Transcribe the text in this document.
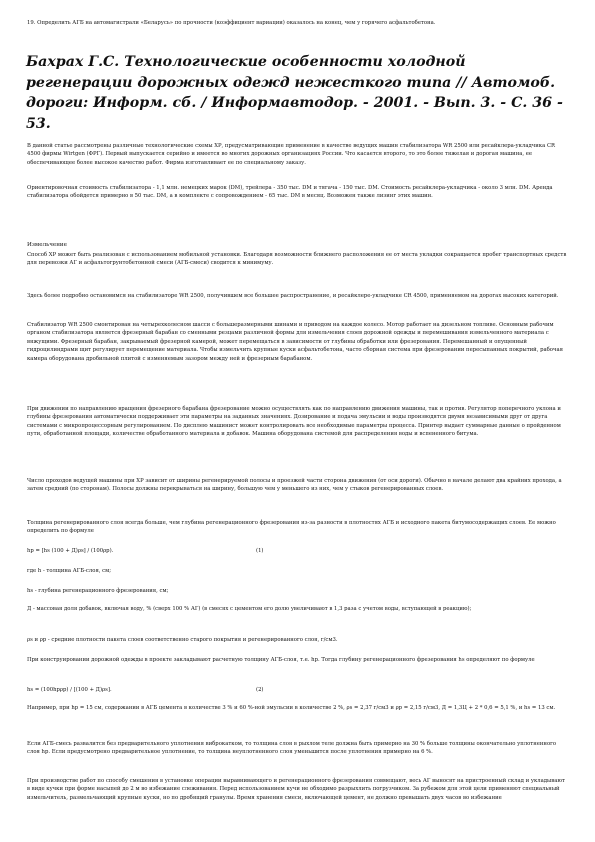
19. Определить АГБ на автомагистрали «Беларусь» по прочности (коэффициент вариации) оказалось на конец, чем у горячего асфальтобетона.

Бахрах Г.С. Технологические особенности холодной регенерации дорожных одежд нежесткого типа // Автомоб. дороги: Информ. сб. / Информавтодор. - 2001. - Вып. 3. - С. 36 - 53.

В данной статье рассмотрены различные технологические схемы ХР, предусматривающие применение в качестве ведущих машин стабилизатора WR 2500 или ресайклера-укладчика CR 4500 фирмы Wirtgen (ФРГ). Первый выпускается серийно и имеется во многих дорожных организациях России. Что касается второго, то это более тяжелая и дорогая машина, ее обеспечивающее более высокое качество работ. Фирма изготавливает ее по специальному заказу.

Ориентировочная стоимость стабилизатора - 1,1 млн. немецких марок (DM), трейлера - 350 тыс. DM и тягача - 150 тыс. DM. Стоимость ресайклера-укладчика - около 3 млн. DM. Аренда стабилизатора обойдется примерно в 50 тыс. DM, а в комплекте с сопровождением - 65 тыс. DM в месяц. Возможен также лизинг этих машин.

Измельчение

Способ ХР может быть реализован с использованием мобильной установки. Благодаря возможности ближнего расположения ее от места укладки сокращается пробег транспортных средств для перевозки АГ и асфальтогрунтобетонной смеси (АГБ-смеси) сводится к минимуму.

Здесь более подробно остановимся на стабилизаторе WR 2500, получившем все большее распространение, и ресайклере-укладчике CR 4500, применяемом на дорогах высоких категорий.

Стабилизатор WR 2500 смонтирован на четырехколесном шасси с большеразмерными шинами и приводом на каждое колесо. Мотор работает на дизельном топливе. Основным рабочим органом стабилизатора является фрезерный барабан со сменными резцами различной формы для измельчения слоев дорожной одежды и перемешивания измельченного материала с вяжущими. Фрезерный барабан, закрываемый фрезерной камерой, может перемещаться в зависимости от глубины обработки или фрезерования. Перемешанный и опущенный гидроцилиндрами щит регулирует перемещение материала. Чтобы измельчить крупные куски асфальтобетона, часто сборная система при фрезеровании пересыпанных покрытий, рабочая камера оборудована дробильной плитой с изменяемым зазором между ней и фрезерным барабаном.

При движении по направлению вращения фрезерного барабана фрезерование можно осуществлять как по направлению движения машины, так и против. Регулятор поперечного уклона и глубины фрезерования автоматически поддерживает эти параметры на заданных значениях. Дозирование и подача эмульсии и воды производятся двумя независимыми друг от друга системами с микропроцессорным регулированием. По дисплею машинист может контролировать все необходимые параметры процесса. Принтер выдает суммарные данные о пройденном пути, обработанной площади, количестве обработанного материала и добавок. Машина оборудована системой для распределения воды и вспененного битума.

Число проходов ведущей машины при ХР зависит от ширины регенерируемой полосы и проезжей части сторона движения (от оси дороги). Обычно в начале делают два крайних прохода, а затем средний (по сторонам). Полосы должны перекрываться на ширину, большую чем у меньшего из них, чем у стыков регенерированных слоев.

Толщина регенерированного слоя всегда больше, чем глубина регенерационного фрезерования из-за разности в плотностях АГБ и исходного пакета битумосодержащих слоев. Ее можно определить по формуле

hр = [hs (100 + Д)ρs] / (100ρр).	(1)

где h - толщина АГБ-слоя, см;

hs - глубина регенерационного фрезерования, см;

Д - массовая доля добавок, включая воду, % (сверх 100 % АГ) (в смесях с цементом его долю увеличивают в 1,3 раза с учетом воды, вступающей в реакцию);

ρs и ρр - средние плотности пакета слоев соответственно старого покрытия и регенерированного слоя, г/см3.

При конструировании дорожной одежды в проекте закладывают расчетную толщину АГБ-слоя, т.е. hр. Тогда глубину регенерационного фрезерования hs определяют по формуле

hs = (100hрρр) / [(100 + Д)ρs].	(2)

Например, при hp = 15 см, содержании в АГБ цемента в количестве 3 % и 60 %-ной эмульсии в количестве 2 %, ρs = 2,37 г/см3 и ρр = 2,15 г/см3, Д = 1,3Ц + 2 * 0,6 = 5,1 %, и hs = 13 см.

Если АГБ-смесь развалится без предварительного уплотнения виброкатком, то толщина слоя в рыхлом теле должна быть примерно на 30 % больше толщины окончательно уплотненного слоя hp. Если предусмотрено предварительное уплотнение, то толщина неуплотненного слоя уменьшится после уплотнения примерно на 6 %.

При производстве работ по способу смешения в установке операции выравнивающего и регенерационного фрезерования совмещают, весь АГ выносят на пристроенный склад и укладывают в виде кучки при форме насыпей до 2 м во избежание слеживания. Перед использованием кучи не обходимо разрыхлить погрузчиком. За рубежом для этой цели применяют специальный измельчитель, размельчающий крупные куски, но по дробящий гранулы. Время хранения смеси, включающей цемент, не должно превышать двух часов во избежание
